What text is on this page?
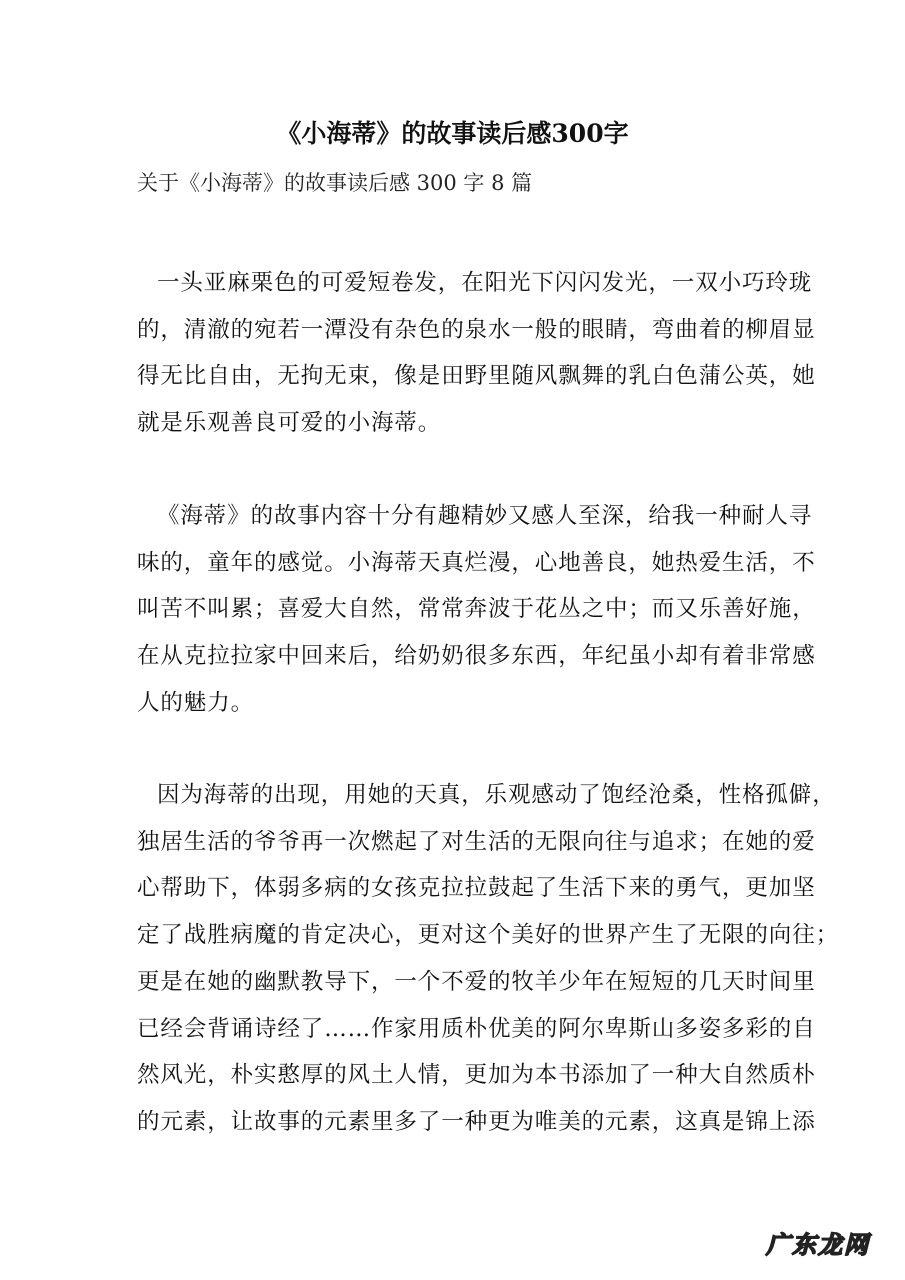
《小海蒂》的故事读后感300字
关于《小海蒂》的故事读后感 300 字 8 篇
一头亚麻栗色的可爱短卷发，在阳光下闪闪发光，一双小巧玲珑
的，清澈的宛若一潭没有杂色的泉水一般的眼睛，弯曲着的柳眉显
得无比自由，无拘无束，像是田野里随风飘舞的乳白色蒲公英，她
就是乐观善良可爱的小海蒂。
《海蒂》的故事内容十分有趣精妙又感人至深，给我一种耐人寻
味的，童年的感觉。小海蒂天真烂漫，心地善良，她热爱生活，不
叫苦不叫累；喜爱大自然，常常奔波于花丛之中；而又乐善好施，
在从克拉拉家中回来后，给奶奶很多东西，年纪虽小却有着非常感
人的魅力。
因为海蒂的出现，用她的天真，乐观感动了饱经沧桑，性格孤僻，
独居生活的爷爷再一次燃起了对生活的无限向往与追求；在她的爱
心帮助下，体弱多病的女孩克拉拉鼓起了生活下来的勇气，更加坚
定了战胜病魔的肯定决心，更对这个美好的世界产生了无限的向往；
更是在她的幽默教导下，一个不爱的牧羊少年在短短的几天时间里
已经会背诵诗经了……作家用质朴优美的阿尔卑斯山多姿多彩的自
然风光，朴实憨厚的风土人情，更加为本书添加了一种大自然质朴
的元素，让故事的元素里多了一种更为唯美的元素，这真是锦上添
广东龙网
